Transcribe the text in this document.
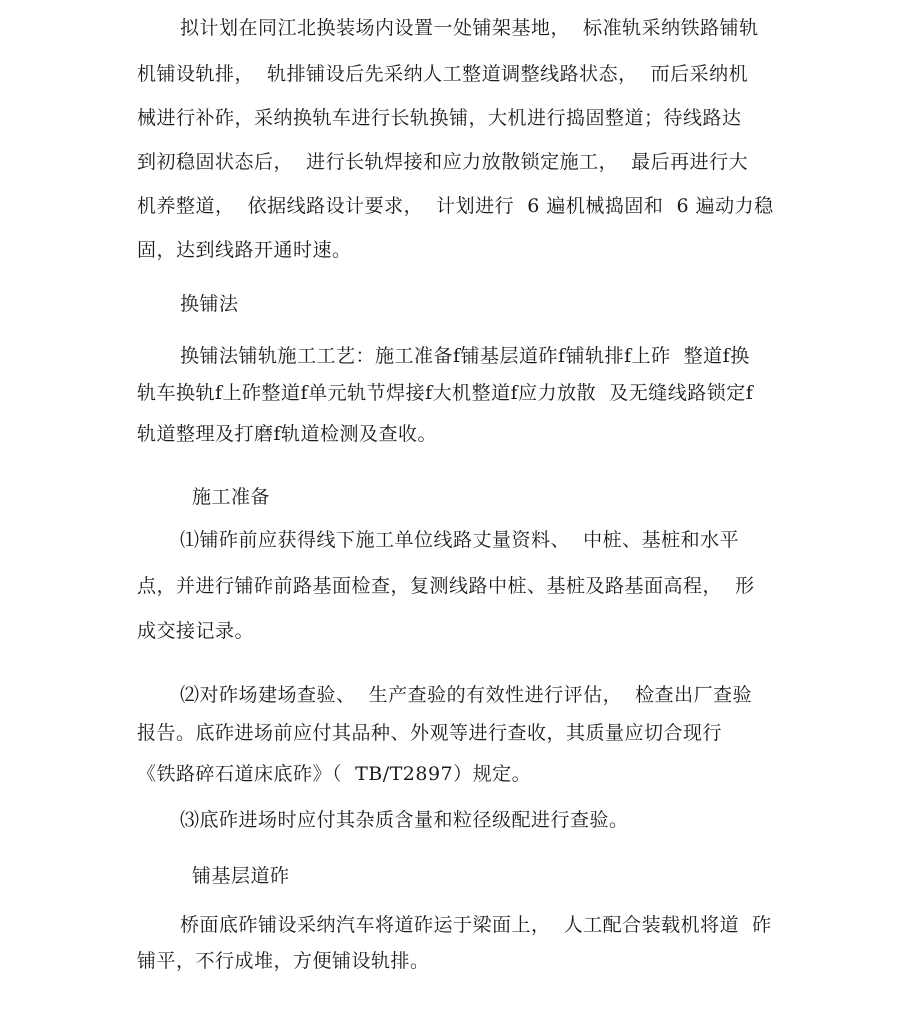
拟计划在同江北换装场内设置一处铺架基地，  标准轨采纳铁路铺轨

机铺设轨排，  轨排铺设后先采纳人工整道调整线路状态，  而后采纳机

械进行补砟，采纳换轨车进行长轨换铺，大机进行捣固整道；待线路达

到初稳固状态后，  进行长轨焊接和应力放散锁定施工，  最后再进行大

机养整道，  依据线路设计要求，  计划进行  6 遍机械捣固和  6 遍动力稳

固，达到线路开通时速。

换铺法

换铺法铺轨施工工艺：施工准备f铺基层道砟f铺轨排f上砟  整道f换

轨车换轨f上砟整道f单元轨节焊接f大机整道f应力放散  及无缝线路锁定f

轨道整理及打磨f轨道检测及查收。

施工准备

⑴铺砟前应获得线下施工单位线路丈量资料、  中桩、基桩和水平

点，并进行铺砟前路基面检查，复测线路中桩、基桩及路基面高程，  形

成交接记录。

⑵对砟场建场查验、  生产查验的有效性进行评估，  检查出厂查验

报告。底砟进场前应付其品种、外观等进行查收，其质量应切合现行

《铁路碎石道床底砟》（  TB/T2897）规定。

⑶底砟进场时应付其杂质含量和粒径级配进行查验。

铺基层道砟

桥面底砟铺设采纳汽车将道砟运于梁面上，  人工配合装载机将道  砟

铺平，不行成堆，方便铺设轨排。
